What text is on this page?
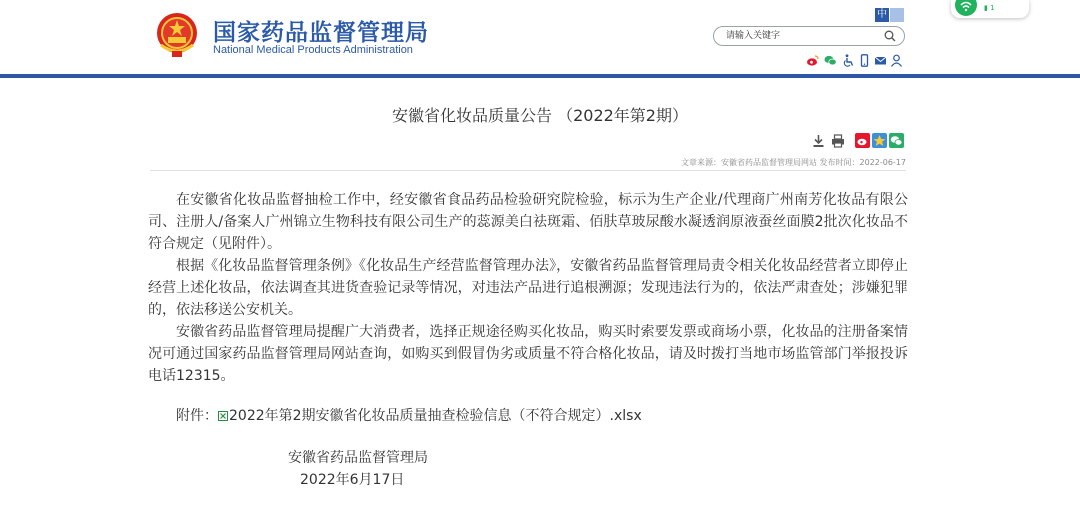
国家药品监督管理局
National Medical Products Administration
中
请输入关键字
▮ 1
安徽省化妆品质量公告 （2022年第2期）
文章来源：安徽省药品监督管理局网站 发布时间：2022-06-17

在安徽省化妆品监督抽检工作中，经安徽省食品药品检验研究院检验，标示为生产企业/代理商广州南芳化妆品有限公司、注册人/备案人广州锦立生物科技有限公司生产的蕊源美白祛斑霜、佰肤草玻尿酸水凝透润原液蚕丝面膜2批次化妆品不符合规定（见附件）。

根据《化妆品监督管理条例》《化妆品生产经营监督管理办法》，安徽省药品监督管理局责令相关化妆品经营者立即停止经营上述化妆品，依法调查其进货查验记录等情况，对违法产品进行追根溯源；发现违法行为的，依法严肃查处；涉嫌犯罪的，依法移送公安机关。

安徽省药品监督管理局提醒广大消费者，选择正规途径购买化妆品，购买时索要发票或商场小票，化妆品的注册备案情况可通过国家药品监督管理局网站查询，如购买到假冒伪劣或质量不符合格化妆品，请及时拨打当地市场监管部门举报投诉电话12315。

附件： 2022年第2期安徽省化妆品质量抽查检验信息（不符合规定）.xlsx
安徽省药品监督管理局
2022年6月17日
